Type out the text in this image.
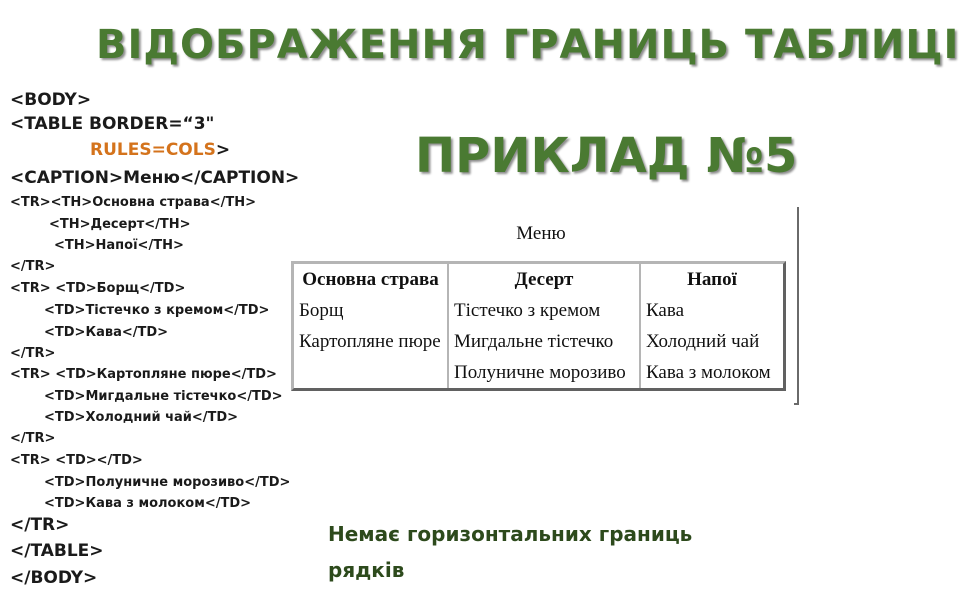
ВІДОБРАЖЕННЯ ГРАНИЦЬ ТАБЛИЦІ
ПРИКЛАД №5
<BODY>
<TABLE BORDER=“3"
RULES=COLS>
<CAPTION>Меню</CAPTION>
<TR><TH>Основна страва</TH>
<TH>Десерт</TH>
<TH>Напої</TH>
</TR>
<TR> <TD>Борщ</TD>
<TD>Тістечко з кремом</TD>
<TD>Кава</TD>
</TR>
<TR> <TD>Картопляне пюре</TD>
<TD>Мигдальне тістечко</TD>
<TD>Холодний чай</TD>
</TR>
<TR> <TD></TD>
<TD>Полуничне морозиво</TD>
<TD>Кава з молоком</TD>
</TR>
</TABLE>
</BODY>
Меню
Основна страва	Десерт	Напої
Борщ	Тістечко з кремом	Кава
Картопляне пюре	Мигдальне тістечко	Холодний чай
	Полуничне морозиво	Кава з молоком
Немає горизонтальних границь рядків
